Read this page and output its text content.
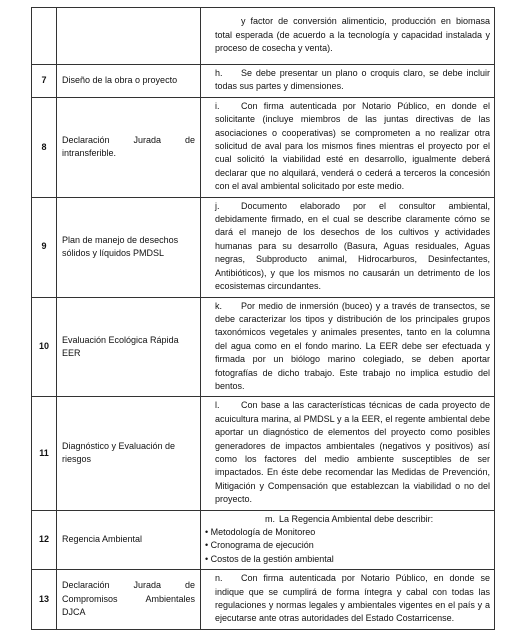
		y factor de conversión alimenticio, producción en biomasa total esperada (de acuerdo a la tecnología y capacidad instalada y proceso de cosecha y venta).
7	Diseño de la obra o proyecto	h. Se debe presentar un plano o croquis claro, se debe incluir todas sus partes y dimensiones.
8	Declaración Jurada de intransferible.	i. Con firma autenticada por Notario Público, en donde el solicitante (incluye miembros de las juntas directivas de las asociaciones o cooperativas) se comprometen a no realizar otra solicitud de aval para los mismos fines mientras el proyecto por el cual solicitó la viabilidad esté en desarrollo, igualmente deberá declarar que no alquilará, venderá o cederá a terceros la concesión con el aval ambiental solicitado por este medio.
9	Plan de manejo de desechos sólidos y líquidos PMDSL	j. Documento elaborado por el consultor ambiental, debidamente firmado, en el cual se describe claramente cómo se dará el manejo de los desechos de los cultivos y actividades humanas para su desarrollo (Basura, Aguas residuales, Aguas negras, Subproducto animal, Hidrocarburos, Desinfectantes, Antibióticos), y que los mismos no causarán un detrimento de los ecosistemas circundantes.
10	Evaluación Ecológica Rápida EER	k. Por medio de inmersión (buceo) y a través de transectos, se debe caracterizar los tipos y distribución de los principales grupos taxonómicos vegetales y animales presentes, tanto en la columna del agua como en el fondo marino. La EER debe ser efectuada y firmada por un biólogo marino colegiado, se deben aportar fotografías de dicho trabajo. Este trabajo no implica estudio del bentos.
11	Diagnóstico y Evaluación de riesgos	l. Con base a las características técnicas de cada proyecto de acuicultura marina, al PMDSL y a la EER, el regente ambiental debe aportar un diagnóstico de elementos del proyecto como posibles generadores de impactos ambientales (negativos y positivos) así como los factores del medio ambiente susceptibles de ser impactados. En éste debe recomendar las Medidas de Prevención, Mitigación y Compensación que establezcan la viabilidad o no del proyecto.
12	Regencia Ambiental	m. La Regencia Ambiental debe describir:
• Metodología de Monitoreo
• Cronograma de ejecución
• Costos de la gestión ambiental

13	Declaración Jurada de Compromisos Ambientales DJCA	n. Con firma autenticada por Notario Público, en donde se indique que se cumplirá de forma íntegra y cabal con todas las regulaciones y normas legales y ambientales vigentes en el país y a ejecutarse ante otras autoridades del Estado Costarricense.
